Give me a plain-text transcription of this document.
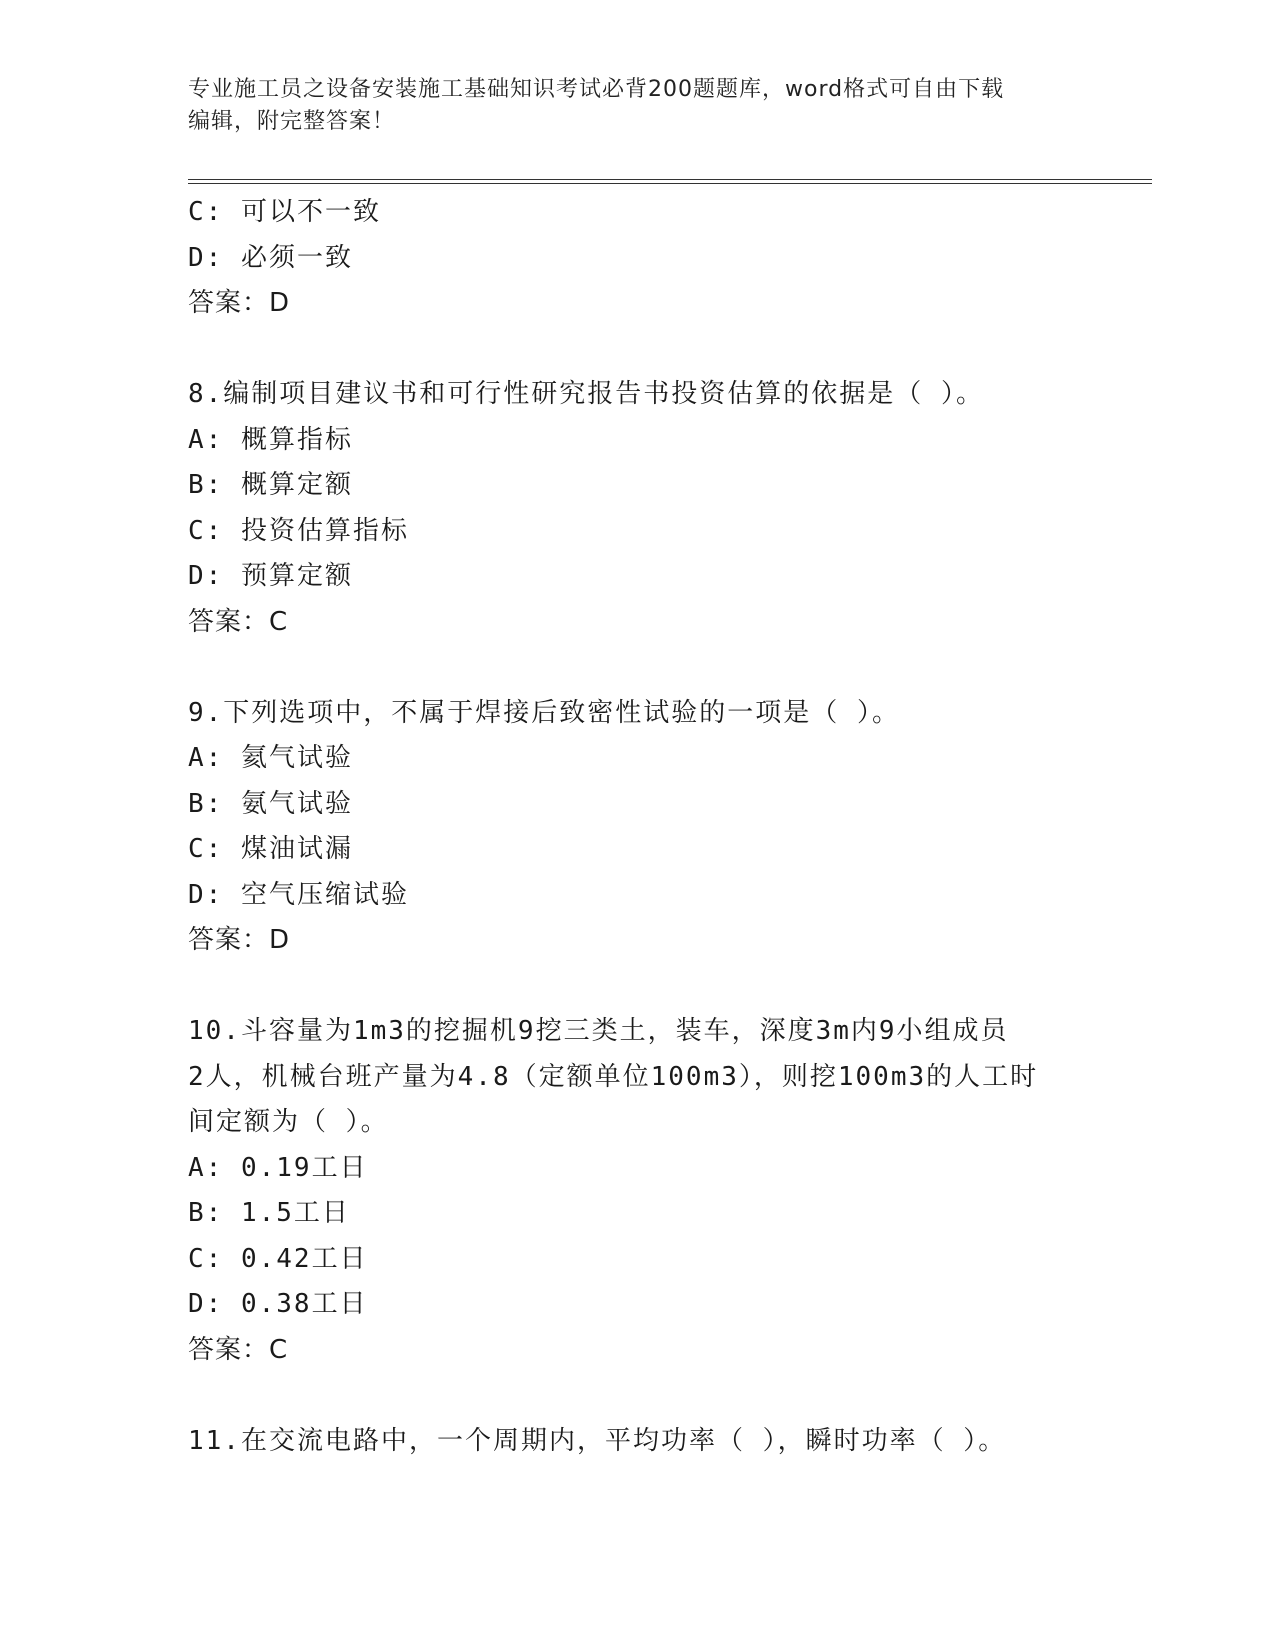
专业施工员之设备安装施工基础知识考试必背200题题库，word格式可自由下载
编辑，附完整答案！
C: 可以不一致
D: 必须一致
答案：D
8.编制项目建议书和可行性研究报告书投资估算的依据是（ ）。
A: 概算指标
B: 概算定额
C: 投资估算指标
D: 预算定额
答案：C
9.下列选项中，不属于焊接后致密性试验的一项是（ ）。
A: 氦气试验
B: 氨气试验
C: 煤油试漏
D: 空气压缩试验
答案：D
10.斗容量为1m3的挖掘机9挖三类土，装车，深度3m内9小组成员
2人，机械台班产量为4.8（定额单位100m3），则挖100m3的人工时
间定额为（ ）。
A: 0.19工日
B: 1.5工日
C: 0.42工日
D: 0.38工日
答案：C
11.在交流电路中，一个周期内，平均功率（ ），瞬时功率（ ）。
